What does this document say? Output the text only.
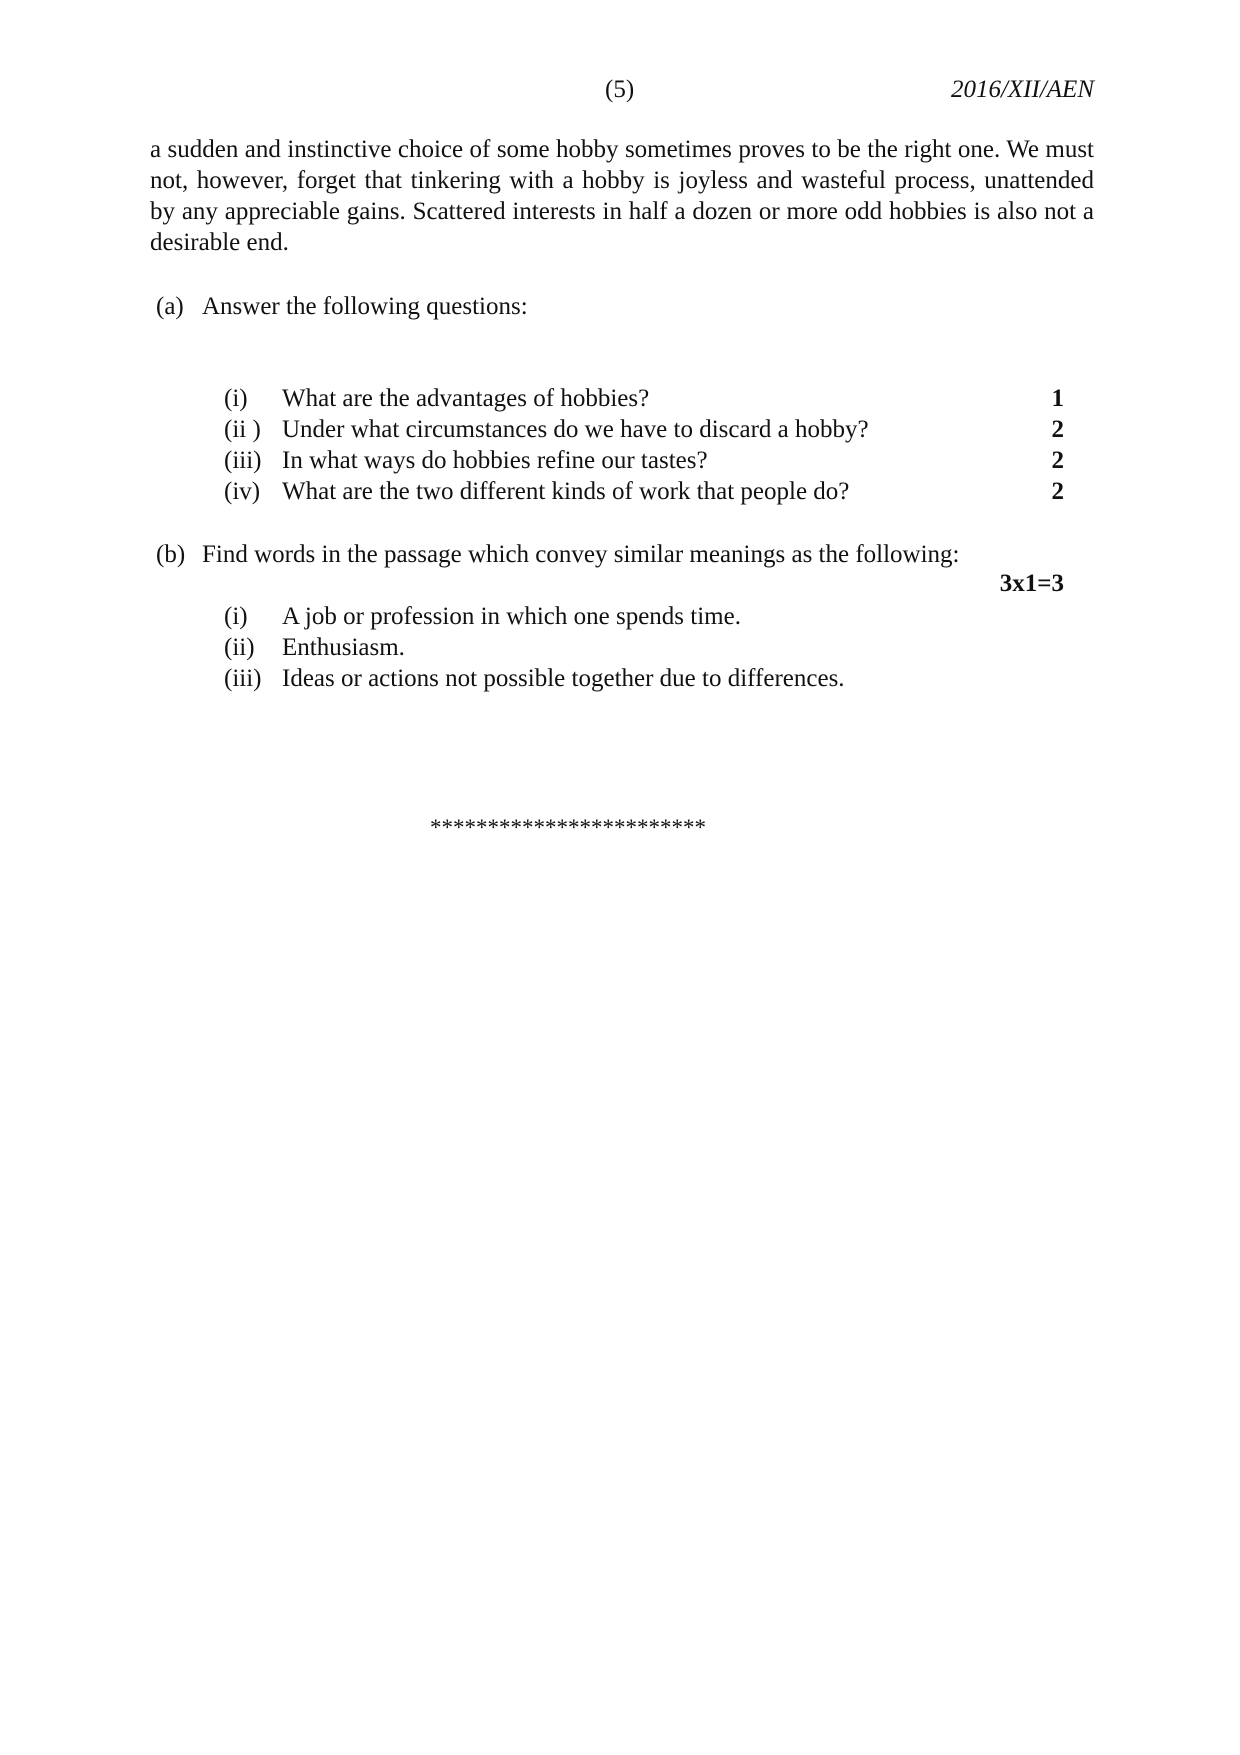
(5)	2016/XII/AEN

a sudden and instinctive choice of some hobby sometimes proves to be the right one. We must not, however, forget that tinkering with a hobby is joyless and wasteful process, unattended by any appreciable gains. Scattered interests in half a dozen or more odd hobbies is also not a desirable end.

(a) Answer the following questions:
(i) What are the advantages of hobbies?	1
(ii ) Under what circumstances do we have to discard a hobby?	2
(iii) In what ways do hobbies refine our tastes?	2
(iv) What are the two different kinds of work that people do?	2
(b) Find words in the passage which convey similar meanings as the following:
3x1=3
(i) A job or profession in which one spends time.
(ii) Enthusiasm.
(iii) Ideas or actions not possible together due to differences.
************************
